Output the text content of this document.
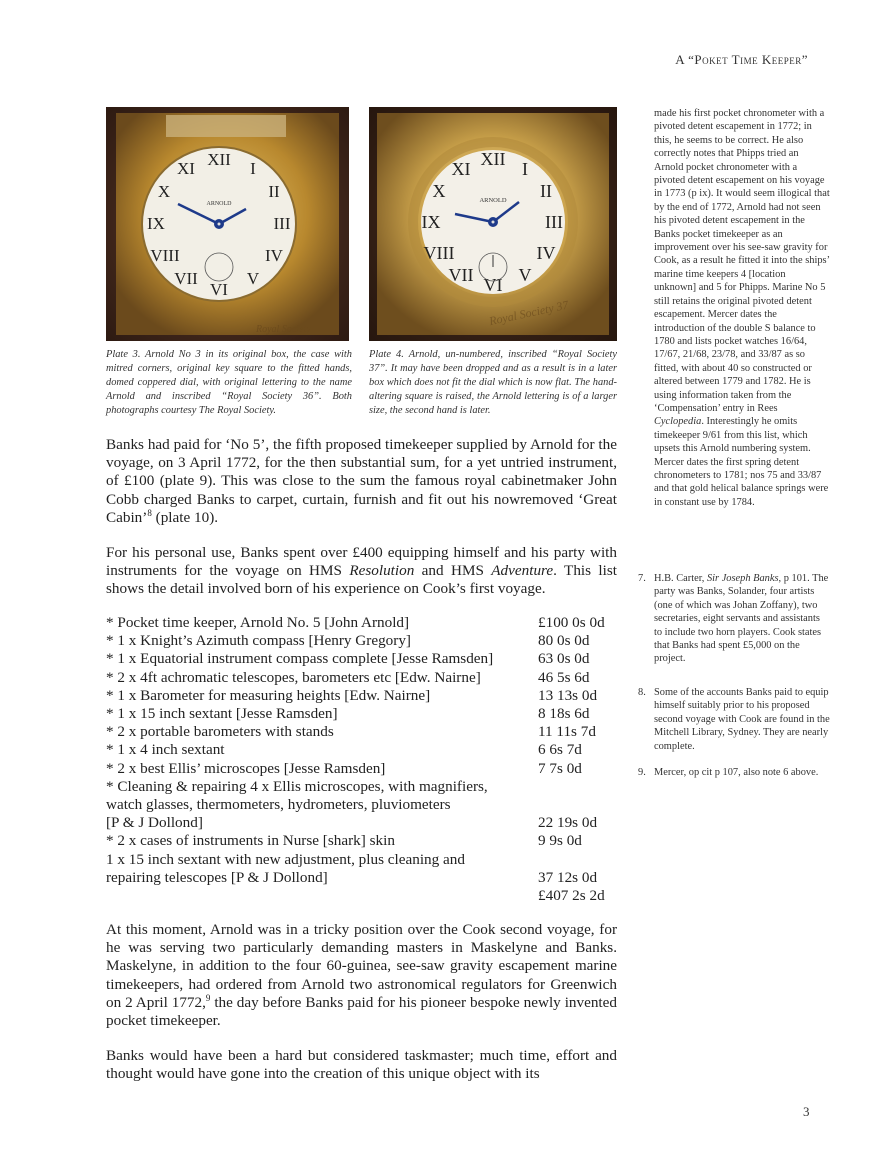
A “Poket Time Keeper”
XII I
II
III
IV
V
VI
VII
VIII
IX
X
XI
ARNOLD
Royal Society
XII I
II
III
IV
V
VI
VII
VIII
IX
X
XI
ARNOLD
Royal Society 37
Plate 3. Arnold No 3 in its original box, the case with mitred corners, original key square to the fitted hands, domed coppered dial, with original lettering to the name Arnold and inscribed “Royal Society 36”. Both photographs courtesy The Royal Society.
Plate 4. Arnold, un-numbered, inscribed “Royal Society 37”. It may have been dropped and as a result is in a later box which does not fit the dial which is now flat. The hand-altering square is raised, the Arnold lettering is of a larger size, the second hand is later.
Banks had paid for ‘No 5’, the fifth proposed timekeeper supplied by Arnold for the voyage, on 3 April 1772, for the then substantial sum, for a yet untried instrument, of £100 (plate 9). This was close to the sum the famous royal cabinetmaker John Cobb charged Banks to carpet, curtain, furnish and fit out his nowremoved ‘Great Cabin’$^8$ (plate 10).
For his personal use, Banks spent over £400 equipping himself and his party with instruments for the voyage on HMS Resolution and HMS Adventure. This list shows the detail involved born of his experience on Cook’s first voyage.
* Pocket time keeper, Arnold No. 5 [John Arnold]	£100 0s 0d
* 1 x Knight’s Azimuth compass [Henry Gregory]	80 0s 0d
* 1 x Equatorial instrument compass complete [Jesse Ramsden]	63 0s 0d
* 2 x 4ft achromatic telescopes, barometers etc [Edw. Nairne]	46 5s 6d
* 1 x Barometer for measuring heights [Edw. Nairne]	13 13s 0d
* 1 x 15 inch sextant [Jesse Ramsden]	8 18s 6d
* 2 x portable barometers with stands	11 11s 7d
* 1 x 4 inch sextant	6 6s 7d
* 2 x best Ellis’ microscopes [Jesse Ramsden]	7 7s 0d
* Cleaning & repairing 4 x Ellis microscopes, with magnifiers,
watch glasses, thermometers, hydrometers, pluviometers
[P & J Dollond]	22 19s 0d
* 2 x cases of instruments in Nurse [shark] skin	9 9s 0d
1 x 15 inch sextant with new adjustment, plus cleaning and
repairing telescopes [P & J Dollond]	37 12s 0d
£407 2s 2d
At this moment, Arnold was in a tricky position over the Cook second voyage, for he was serving two particularly demanding masters in Maskelyne and Banks. Maskelyne, in addition to the four 60-guinea, see-saw gravity escapement marine timekeepers, had ordered from Arnold two astronomical regulators for Greenwich on 2 April 1772,$^9$ the day before Banks paid for his pioneer bespoke newly invented pocket timekeeper.
Banks would have been a hard but considered taskmaster; much time, effort and thought would have gone into the creation of this unique object with its
made his first pocket chronometer with a pivoted detent escapement in 1772; in this, he seems to be correct. He also correctly notes that Phipps tried an Arnold pocket chronometer with a pivoted detent escapement on his voyage in 1773 (p ix). It would seem illogical that by the end of 1772, Arnold had not seen his pivoted detent escapement in the Banks pocket timekeeper as an improvement over his see-saw gravity for Cook, as a result he fitted it into the ships’ marine time keepers 4 [location unknown] and 5 for Phipps. Marine No 5 still retains the original pivoted detent escapement. Mercer dates the introduction of the double S balance to 1780 and lists pocket watches 16/64, 17/67, 21/68, 23/78, and 33/87 as so fitted, with about 40 so constructed or altered between 1779 and 1782. He is using information taken from the ‘Compensation’ entry in Rees Cyclopedia. Interestingly he omits timekeeper 9/61 from this list, which upsets this Arnold numbering system. Mercer dates the first spring detent chronometers to 1781; nos 75 and 33/87 and that gold helical balance springs were in constant use by 1784.
7. H.B. Carter, Sir Joseph Banks, p 101. The party was Banks, Solander, four artists (one of which was Johan Zoffany), two secretaries, eight servants and assistants to include two horn players. Cook states that Banks had spent £5,000 on the project.
8. Some of the accounts Banks paid to equip himself suitably prior to his proposed second voyage with Cook are found in the Mitchell Library, Sydney. They are nearly complete.
9. Mercer, op cit p 107, also note 6 above.
3
